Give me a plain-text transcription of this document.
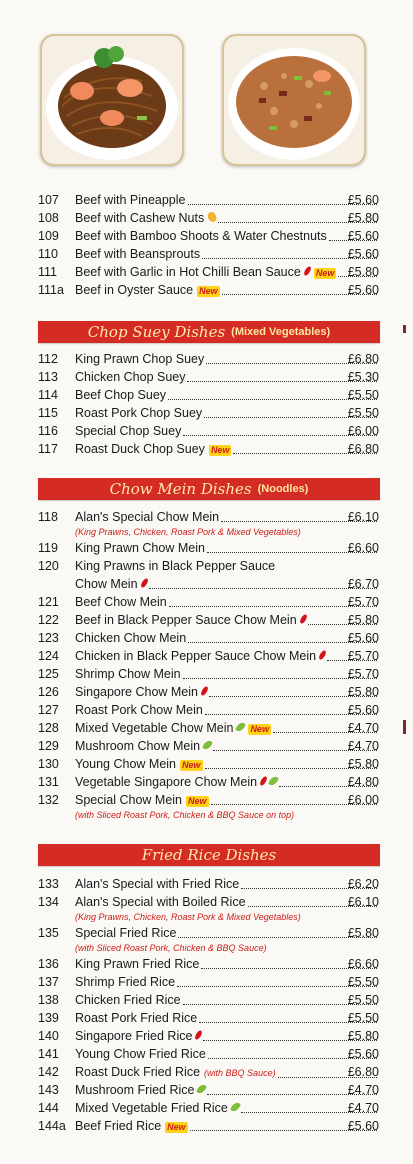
107 Beef with Pineapple	£5.60
108 Beef with Cashew Nuts	£5.80
109 Beef with Bamboo Shoots & Water Chestnuts £5.60
110 Beef with Beansprouts	£5.60
111 Beef with Garlic in Hot Chilli Bean Sauce New £5.80
111a Beef in Oyster Sauce New	£5.60
Chop Suey Dishes (Mixed Vegetables)
112 King Prawn Chop Suey	£6.80
113 Chicken Chop Suey	£5.30
114 Beef Chop Suey	£5.50
115 Roast Pork Chop Suey	£5.50
116 Special Chop Suey	£6.00
117 Roast Duck Chop Suey New	£6.80
Chow Mein Dishes (Noodles)
118 Alan's Special Chow Mein	£6.10
(King Prawns, Chicken, Roast Pork & Mixed Vegetables)
119 King Prawn Chow Mein	£6.60
120 King Prawns in Black Pepper Sauce
Chow Mein	£6.70
121 Beef Chow Mein	£5.70
122 Beef in Black Pepper Sauce Chow Mein	£5.80
123 Chicken Chow Mein	£5.60
124 Chicken in Black Pepper Sauce Chow Mein	£5.70
125 Shrimp Chow Mein	£5.70
126 Singapore Chow Mein	£5.80
127 Roast Pork Chow Mein	£5.60
128 Mixed Vegetable Chow Mein New	£4.70
129 Mushroom Chow Mein	£4.70
130 Young Chow Mein New	£5.80
131 Vegetable Singapore Chow Mein	£4.80
132 Special Chow Mein New	£6.00
(with Sliced Roast Pork, Chicken & BBQ Sauce on top)
Fried Rice Dishes
133 Alan's Special with Fried Rice	£6.20
134 Alan's Special with Boiled Rice	£6.10
(King Prawns, Chicken, Roast Pork & Mixed Vegetables)
135 Special Fried Rice	£5.80
(with Sliced Roast Pork, Chicken & BBQ Sauce)
136 King Prawn Fried Rice	£6.60
137 Shrimp Fried Rice	£5.50
138 Chicken Fried Rice	£5.50
139 Roast Pork Fried Rice	£5.50
140 Singapore Fried Rice	£5.80
141 Young Chow Fried Rice	£5.60
142 Roast Duck Fried Rice (with BBQ Sauce)	£6.80
143 Mushroom Fried Rice	£4.70
144 Mixed Vegetable Fried Rice	£4.70
144a Beef Fried Rice New	£5.60
